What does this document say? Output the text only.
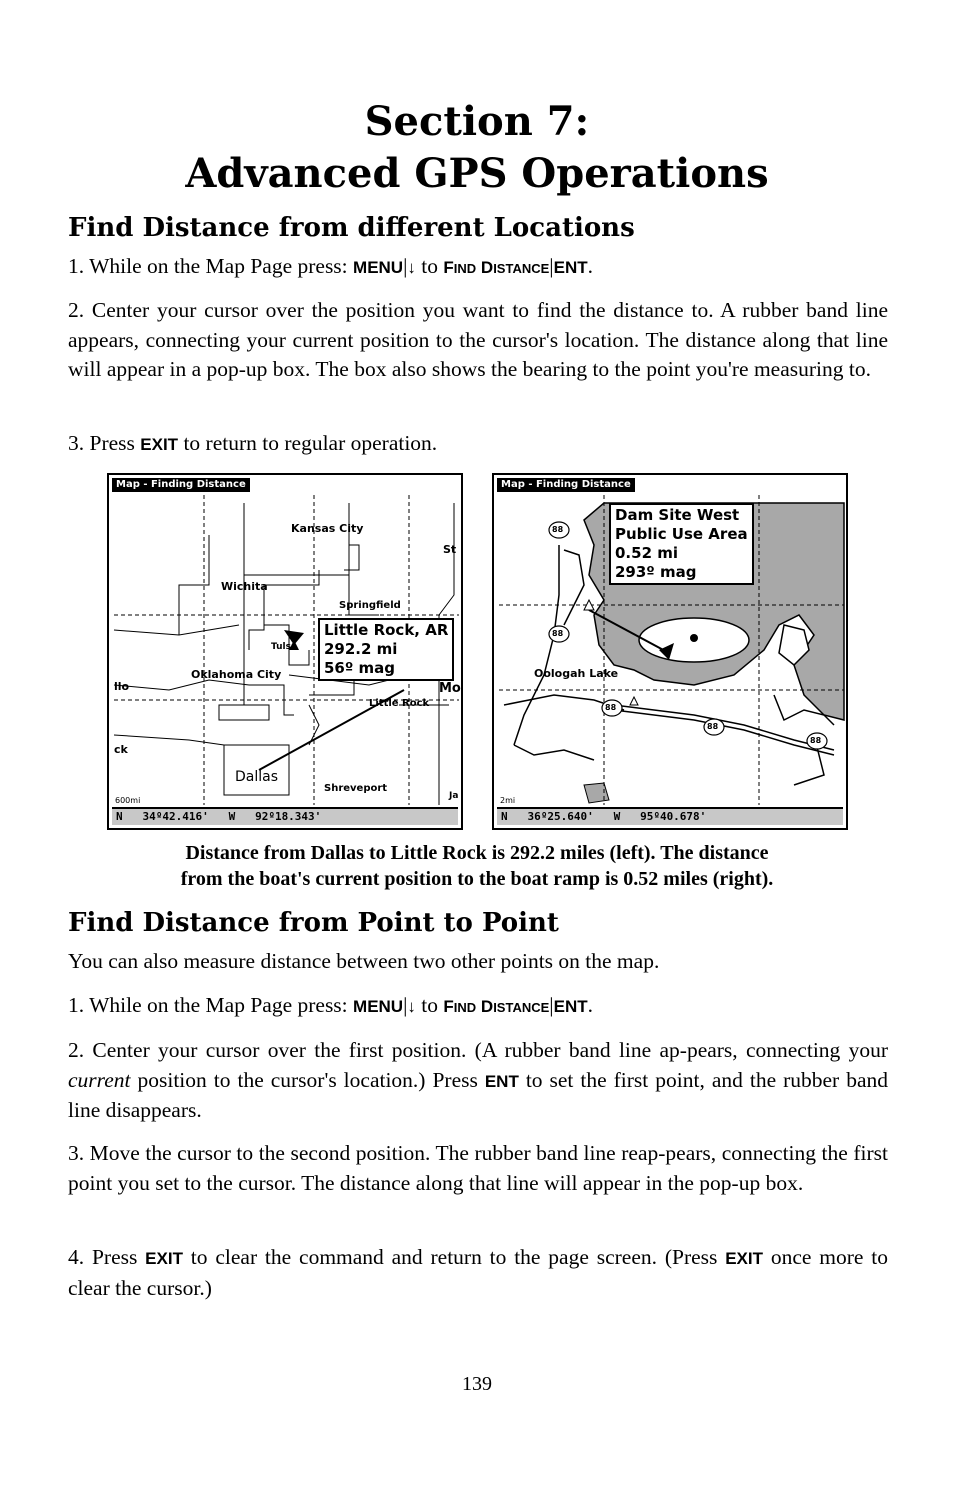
Section 7:
Advanced GPS Operations
Find Distance from different Locations
1. While on the Map Page press: MENU|↓ to FIND DISTANCE|ENT.
2. Center your cursor over the position you want to find the distance to. A rubber band line appears, connecting your current position to the cursor's location. The distance along that line will appear in a pop-up box. The box also shows the bearing to the point you're measuring to.
3. Press EXIT to return to regular operation.
Map - Finding Distance
Kansas City
St
Wichita
Springfield
Tulsa
Oklahoma City
Mo
llo
Little Rock
ck
Dallas
Shreveport
Ja
Little Rock, AR
292.2 mi
56º mag
600mi
N   34º42.416'   W   92º18.343'
Map - Finding Distance
88
88
88
88
88
Oologah Lake
Dam Site West
Public Use Area
0.52 mi
293º mag
2mi
N   36º25.640'   W   95º40.678'
Distance from Dallas to Little Rock is 292.2 miles (left). The distance
from the boat's current position to the boat ramp is 0.52 miles (right).
Find Distance from Point to Point
You can also measure distance between two other points on the map.
1. While on the Map Page press: MENU|↓ to FIND DISTANCE|ENT.
2. Center your cursor over the first position. (A rubber band line ap-pears, connecting your current position to the cursor's location.) Press ENT to set the first point, and the rubber band line disappears.
3. Move the cursor to the second position. The rubber band line reap-pears, connecting the first point you set to the cursor. The distance along that line will appear in the pop-up box.
4. Press EXIT to clear the command and return to the page screen. (Press EXIT once more to clear the cursor.)
139
